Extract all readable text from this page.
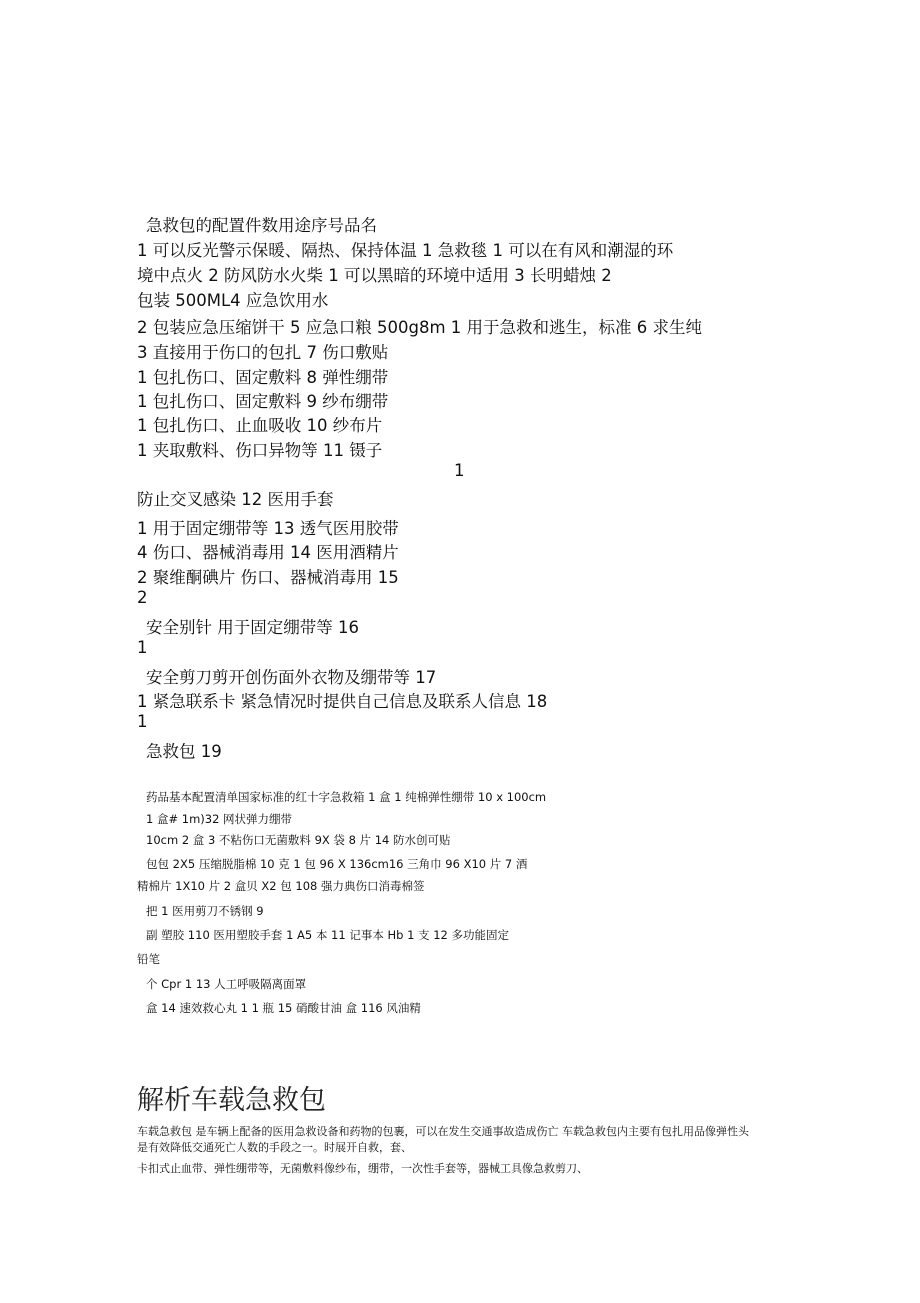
急救包的配置件数用途序号品名
1 可以反光警示保暖、隔热、保持体温 1 急救毯 1 可以在有风和潮湿的环
境中点火 2 防风防水火柴 1 可以黑暗的环境中适用 3 长明蜡烛 2
包装 500ML4 应急饮用水
2 包装应急压缩饼干 5 应急口粮 500g8m 1 用于急救和逃生，标准 6 求生纯
3 直接用于伤口的包扎 7 伤口敷贴
1 包扎伤口、固定敷料 8 弹性绷带
1 包扎伤口、固定敷料 9 纱布绷带
1 包扎伤口、止血吸收 10 纱布片
1 夹取敷料、伤口异物等 11 镊子
1
防止交叉感染 12 医用手套
1 用于固定绷带等 13 透气医用胶带
4 伤口、器械消毒用 14 医用酒精片
2 聚维酮碘片 伤口、器械消毒用 15
2
安全别针 用于固定绷带等 16
1
安全剪刀剪开创伤面外衣物及绷带等 17
1 紧急联系卡 紧急情况时提供自己信息及联系人信息 18
1
急救包 19
药品基本配置清单国家标准的红十字急救箱 1 盒 1 纯棉弹性绷带 10 x 100cm
1 盒# 1m)32 网状弹力绷带
10cm 2 盒 3 不粘伤口无菌敷料 9X 袋 8 片 14 防水创可贴
包包 2X5 压缩脱脂棉 10 克 1 包 96 X 136cm16 三角巾 96 X10 片 7 酒
精棉片 1X10 片 2 盒贝 X2 包 108 强力典伤口消毒棉签
把 1 医用剪刀不锈钢 9
副 塑胶 110 医用塑胶手套 1 A5 本 11 记事本 Hb 1 支 12 多功能固定
铅笔
个 Cpr 1 13 人工呼吸隔离面罩
盒 14 速效救心丸 1 1 瓶 15 硝酸甘油 盒 116 风油精
解析车载急救包
车载急救包 是车辆上配备的医用急救设备和药物的包裹，可以在发生交通事故造成伤亡 车载急救包内主要有包扎用品像弹性头
是有效降低交通死亡人数的手段之一。时展开自救，套、
卡扣式止血带、弹性绷带等，无菌敷料像纱布，绷带，一次性手套等，器械工具像急救剪刀、
